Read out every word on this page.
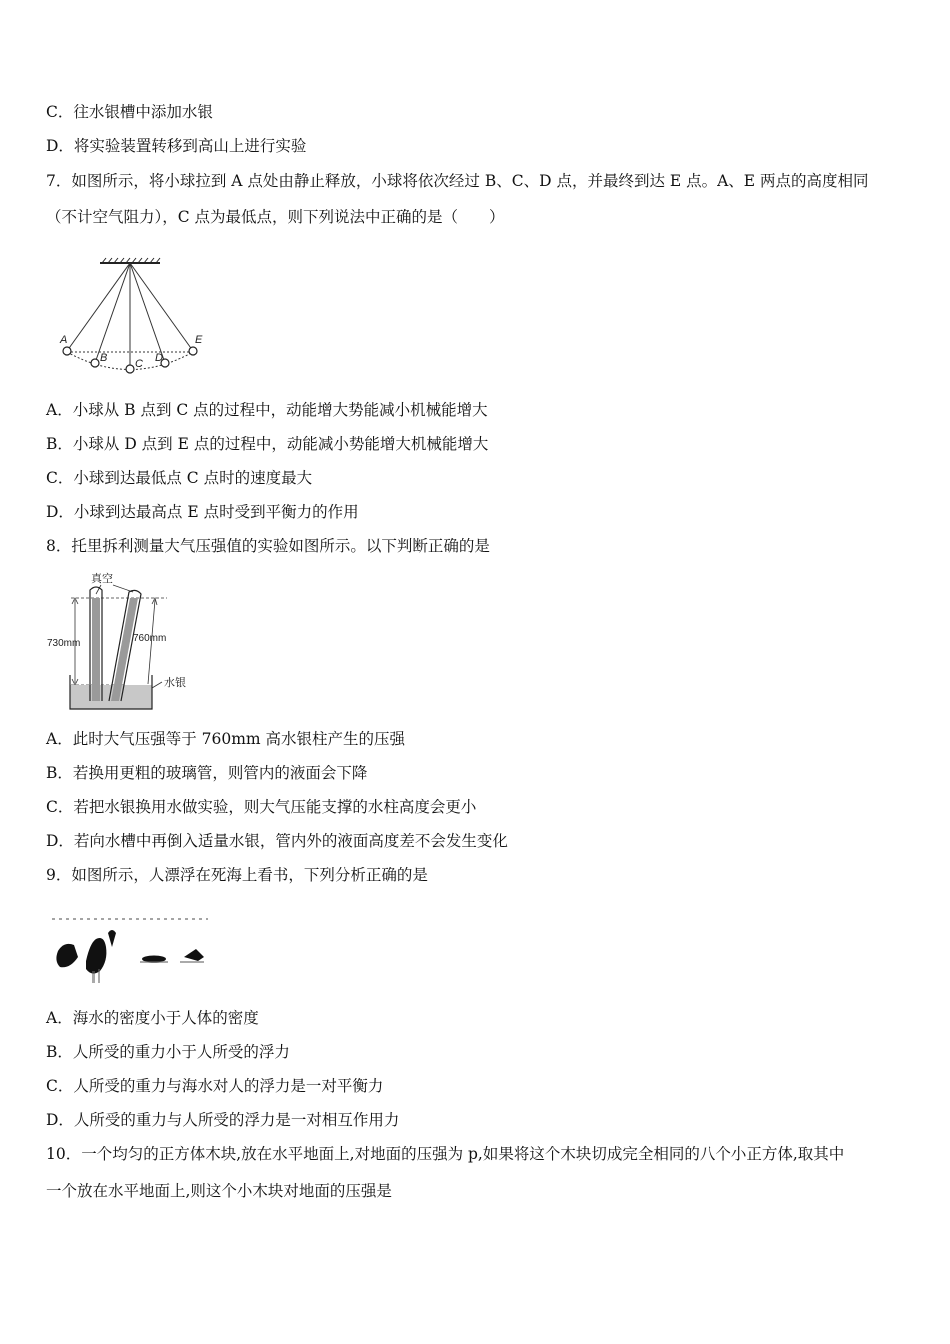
C．往水银槽中添加水银
D．将实验装置转移到高山上进行实验
7．如图所示，将小球拉到 A 点处由静止释放，小球将依次经过 B、C、D 点，并最终到达 E 点。A、E 两点的高度相同
（不计空气阻力），C 点为最低点，则下列说法中正确的是（　　）
A
B	C D
E
A．小球从 B 点到 C 点的过程中，动能增大势能减小机械能增大
B．小球从 D 点到 E 点的过程中，动能减小势能增大机械能增大
C．小球到达最低点 C 点时的速度最大
D．小球到达最高点 E 点时受到平衡力的作用
8．托里拆利测量大气压强值的实验如图所示。以下判断正确的是
真空
730mm	760mm
水银
A．此时大气压强等于 760mm 高水银柱产生的压强
B．若换用更粗的玻璃管，则管内的液面会下降
C．若把水银换用水做实验，则大气压能支撑的水柱高度会更小
D．若向水槽中再倒入适量水银，管内外的液面高度差不会发生变化
9．如图所示，人漂浮在死海上看书，下列分析正确的是
A．海水的密度小于人体的密度
B．人所受的重力小于人所受的浮力
C．人所受的重力与海水对人的浮力是一对平衡力
D．人所受的重力与人所受的浮力是一对相互作用力
10．一个均匀的正方体木块,放在水平地面上,对地面的压强为 p,如果将这个木块切成完全相同的八个小正方体,取其中
一个放在水平地面上,则这个小木块对地面的压强是
